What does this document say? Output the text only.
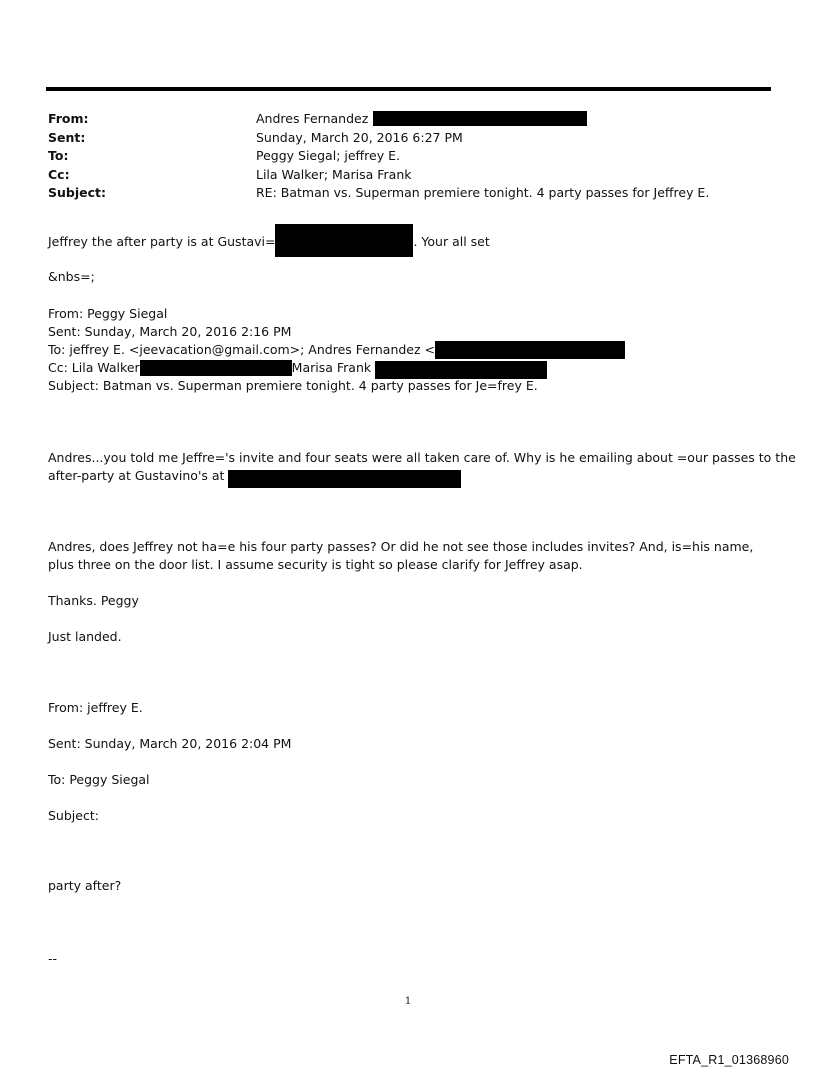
From:	Andres Fernandez
Sent:	Sunday, March 20, 2016 6:27 PM
To:	Peggy Siegal; jeffrey E.
Cc:	Lila Walker; Marisa Frank
Subject:	RE: Batman vs. Superman premiere tonight. 4 party passes for Jeffrey E.
Jeffrey the after party is at Gustavi=	. Your all set
&nbs=;
From: Peggy Siegal
Sent: Sunday, March 20, 2016 2:16 PM
To: jeffrey E. <jeevacation@gmail.com>; Andres Fernandez <
Cc: Lila Walker	Marisa Frank
Subject: Batman vs. Superman premiere tonight. 4 party passes for Je=frey E.
Andres...you told me Jeffre='s invite and four seats were all taken care of. Why is he emailing about =our passes to the
after-party at Gustavino's at
Andres, does Jeffrey not ha=e his four party passes? Or did he not see those includes invites? And, is=his name, plus three on the door list. I assume security is tight so please clarify for Jeffrey asap.
Thanks. Peggy
Just landed.
From: jeffrey E.
Sent: Sunday, March 20, 2016 2:04 PM
To: Peggy Siegal
Subject:
party after?
--
1
EFTA_R1_01368960
